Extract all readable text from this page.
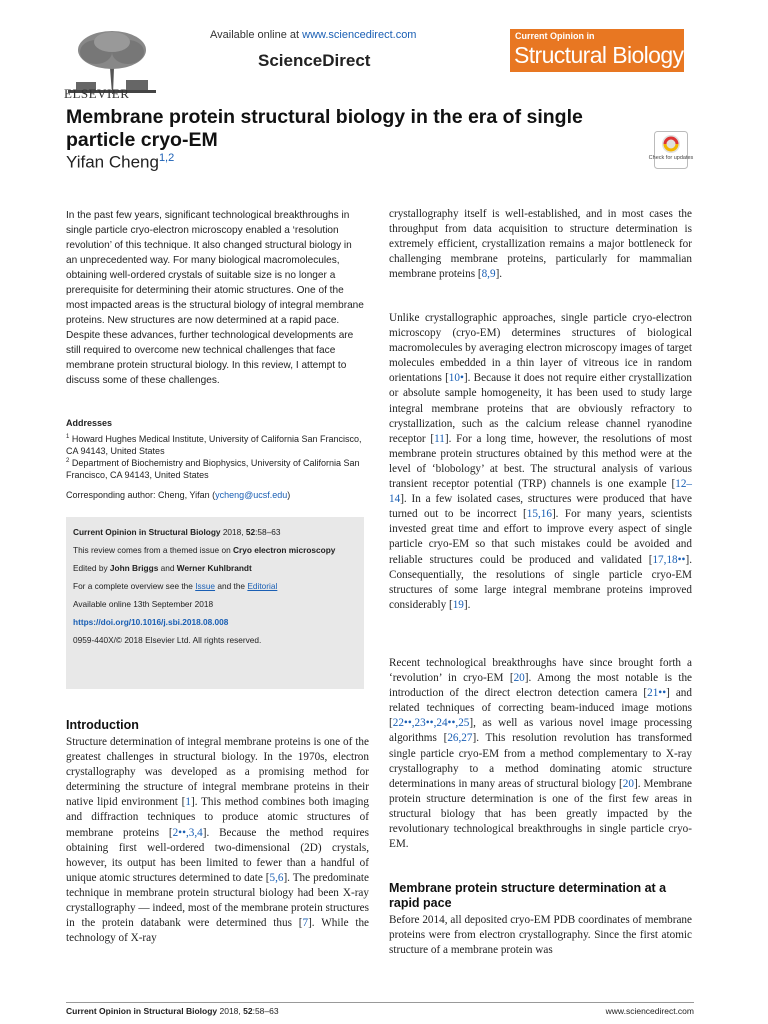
ELSEVIER
Available online at www.sciencedirect.com
ScienceDirect
Current Opinion in
Structural Biology
Membrane protein structural biology in the era of single particle cryo-EM
Yifan Cheng$^{1,2}$	Check for updates
In the past few years, significant technological breakthroughs in single particle cryo-electron microscopy enabled a ‘resolution revolution’ of this technique. It also changed structural biology in an unprecedented way. For many biological macromolecules, obtaining well-ordered crystals of suitable size is no longer a prerequisite for determining their atomic structures. One of the most impacted areas is the structural biology of integral membrane proteins. New structures are now determined at a rapid pace. Despite these advances, further technological developments are still required to overcome new technical challenges that face membrane protein structural biology. In this review, I attempt to discuss some of these challenges.
Addresses
$^1$ Howard Hughes Medical Institute, University of California San Francisco, CA 94143, United States
$^2$ Department of Biochemistry and Biophysics, University of California San Francisco, CA 94143, United States
Corresponding author: Cheng, Yifan (ycheng@ucsf.edu)
Current Opinion in Structural Biology 2018, 52:58–63
This review comes from a themed issue on Cryo electron microscopy
Edited by John Briggs and Werner Kuhlbrandt
For a complete overview see the Issue and the Editorial
Available online 13th September 2018
https://doi.org/10.1016/j.sbi.2018.08.008
0959-440X/© 2018 Elsevier Ltd. All rights reserved.
Introduction
Structure determination of integral membrane proteins is one of the greatest challenges in structural biology. In the 1970s, electron crystallography was developed as a promising method for determining the structure of integral membrane proteins in their native lipid environment [1]. This method combines both imaging and diffraction techniques to produce atomic structures of membrane proteins [2••,3,4]. Because the method requires obtaining first well-ordered two-dimensional (2D) crystals, however, its output has been limited to fewer than a handful of unique atomic structures determined to date [5,6]. The predominate technique in membrane protein structural biology had been X-ray crystallography — indeed, most of the membrane protein structures in the protein databank were determined thus [7]. While the technology of X-ray
crystallography itself is well-established, and in most cases the throughput from data acquisition to structure determination is extremely efficient, crystallization remains a major bottleneck for challenging membrane proteins, particularly for mammalian membrane proteins [8,9].
Unlike crystallographic approaches, single particle cryo-electron microscopy (cryo-EM) determines structures of biological macromolecules by averaging electron microscopy images of target molecules embedded in a thin layer of vitreous ice in random orientations [10•]. Because it does not require either crystallization or absolute sample homogeneity, it has been used to study large integral membrane proteins that are obviously refractory to crystallization, such as the calcium release channel ryanodine receptor [11]. For a long time, however, the resolutions of most membrane protein structures obtained by this method were at the level of ‘blobology’ at best. The structural analysis of various transient receptor potential (TRP) channels is one example [12–14]. In a few isolated cases, structures were produced that have turned out to be incorrect [15,16]. For many years, scientists invested great time and effort to improve every aspect of single particle cryo-EM so that such mistakes could be avoided and reliable structures could be produced and validated [17,18••]. Consequentially, the resolutions of single particle cryo-EM structures of some large integral membrane proteins improved considerably [19].
Recent technological breakthroughs have since brought forth a ‘revolution’ in cryo-EM [20]. Among the most notable is the introduction of the direct electron detection camera [21••] and related techniques of correcting beam-induced image motions [22••,23••,24••,25], as well as various novel image processing algorithms [26,27]. This resolution revolution has transformed single particle cryo-EM from a method complementary to X-ray crystallography to a method dominating atomic structure determinations in many areas of structural biology [20]. Membrane protein structure determination is one of the first few areas in structural biology that has been greatly impacted by the revolutionary technological breakthroughs in single particle cryo-EM.
Membrane protein structure determination at a rapid pace
Before 2014, all deposited cryo-EM PDB coordinates of membrane proteins were from electron crystallography. Since the first atomic structure of a membrane protein was
Current Opinion in Structural Biology 2018, 52:58–63	www.sciencedirect.com
